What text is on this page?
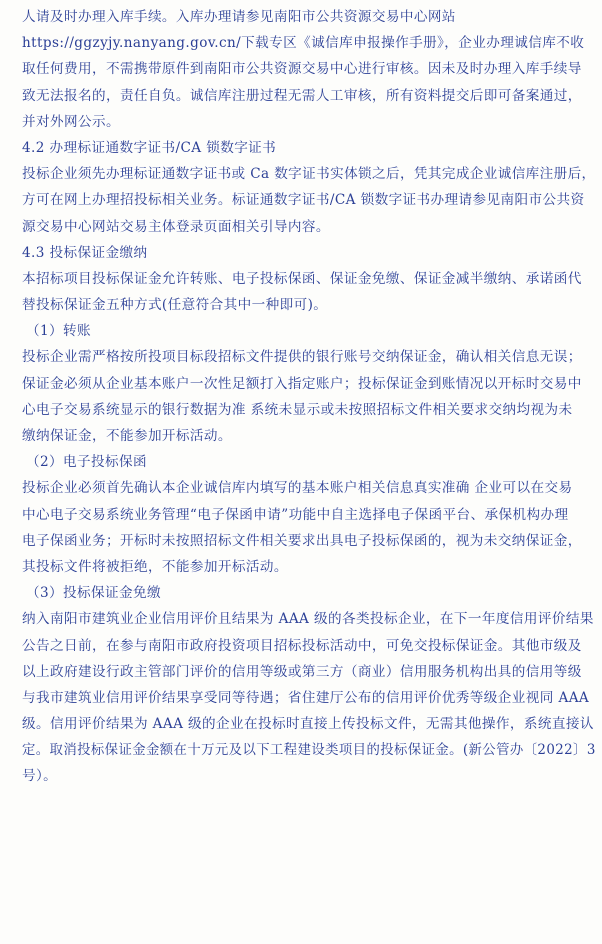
人请及时办理入库手续。入库办理请参见南阳市公共资源交易中心网站
https://ggzyjy.nanyang.gov.cn/下载专区《诚信库申报操作手册》，企业办理诚信库不收
取任何费用，不需携带原件到南阳市公共资源交易中心进行审核。因未及时办理入库手续导
致无法报名的，责任自负。诚信库注册过程无需人工审核，所有资料提交后即可备案通过，
并对外网公示。
4.2 办理标证通数字证书/CA 锁数字证书
投标企业须先办理标证通数字证书或 Ca 数字证书实体锁之后，凭其完成企业诚信库注册后，
方可在网上办理招投标相关业务。标证通数字证书/CA 锁数字证书办理请参见南阳市公共资
源交易中心网站交易主体登录页面相关引导内容。
4.3 投标保证金缴纳
本招标项目投标保证金允许转账、电子投标保函、保证金免缴、保证金减半缴纳、承诺函代
替投标保证金五种方式(任意符合其中一种即可)。
（1）转账
投标企业需严格按所投项目标段招标文件提供的银行账号交纳保证金，确认相关信息无误；
保证金必须从企业基本账户一次性足额打入指定账户；投标保证金到账情况以开标时交易中
心电子交易系统显示的银行数据为准 系统未显示或未按照招标文件相关要求交纳均视为未
缴纳保证金，不能参加开标活动。
（2）电子投标保函
投标企业必须首先确认本企业诚信库内填写的基本账户相关信息真实准确 企业可以在交易
中心电子交易系统业务管理“电子保函申请”功能中自主选择电子保函平台、承保机构办理
电子保函业务；开标时未按照招标文件相关要求出具电子投标保函的，视为未交纳保证金，
其投标文件将被拒绝，不能参加开标活动。
（3）投标保证金免缴
纳入南阳市建筑业企业信用评价且结果为 AAA 级的各类投标企业，在下一年度信用评价结果
公告之日前，在参与南阳市政府投资项目招标投标活动中，可免交投标保证金。其他市级及
以上政府建设行政主管部门评价的信用等级或第三方（商业）信用服务机构出具的信用等级
与我市建筑业信用评价结果享受同等待遇；省住建厅公布的信用评价优秀等级企业视同 AAA
级。信用评价结果为 AAA 级的企业在投标时直接上传投标文件，无需其他操作，系统直接认
定。取消投标保证金金额在十万元及以下工程建设类项目的投标保证金。(新公管办〔2022〕3
号）。
